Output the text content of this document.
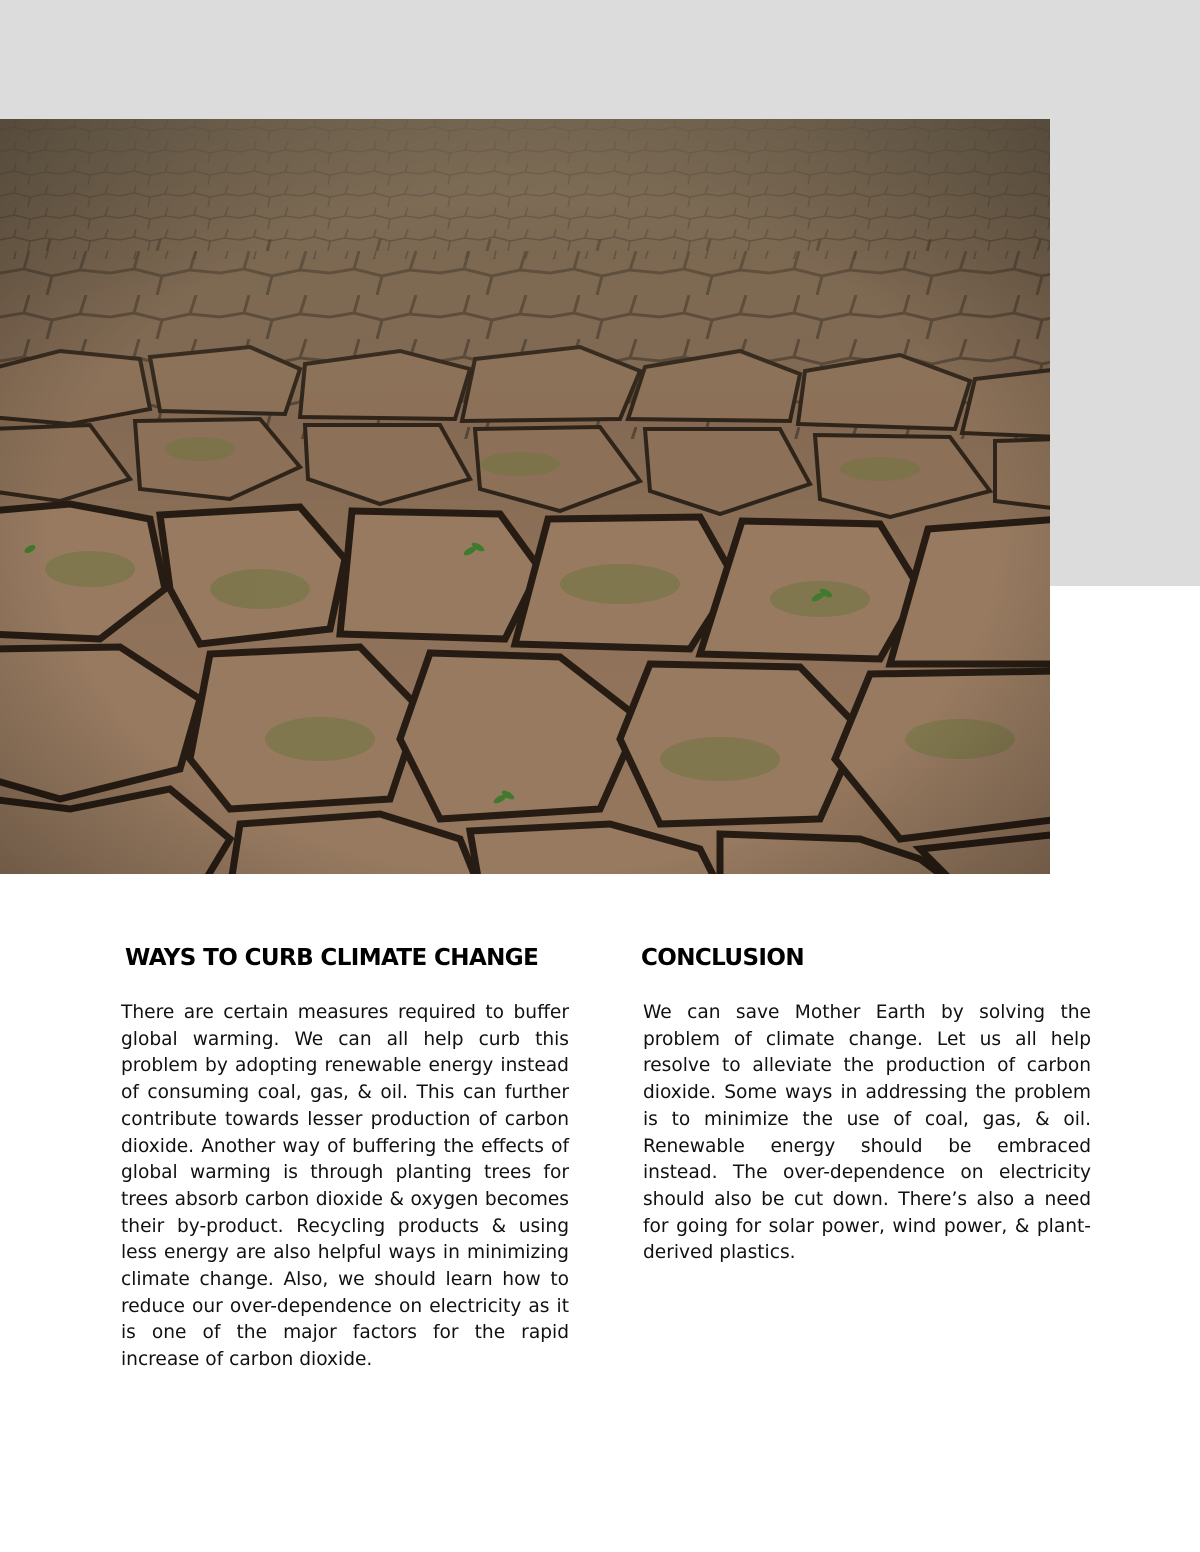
WAYS TO CURB CLIMATE CHANGE

There are certain measures required to buffer global warming. We can all help curb this problem by adopting renewable energy instead of consuming coal, gas, & oil. This can further contribute towards lesser production of carbon dioxide. Another way of buffering the effects of global warming is through planting trees for trees absorb carbon dioxide & oxygen becomes their by-product. Recycling products & using less energy are also helpful ways in minimizing climate change. Also, we should learn how to reduce our over-dependence on electricity as it is one of the major factors for the rapid increase of carbon dioxide.

CONCLUSION

We can save Mother Earth by solving the problem of climate change. Let us all help resolve to alleviate the production of carbon dioxide. Some ways in addressing the problem is to minimize the use of coal, gas, & oil. Renewable energy should be embraced instead. The over-dependence on electricity should also be cut down. There’s also a need for going for solar power, wind power, & plant-derived plastics.
